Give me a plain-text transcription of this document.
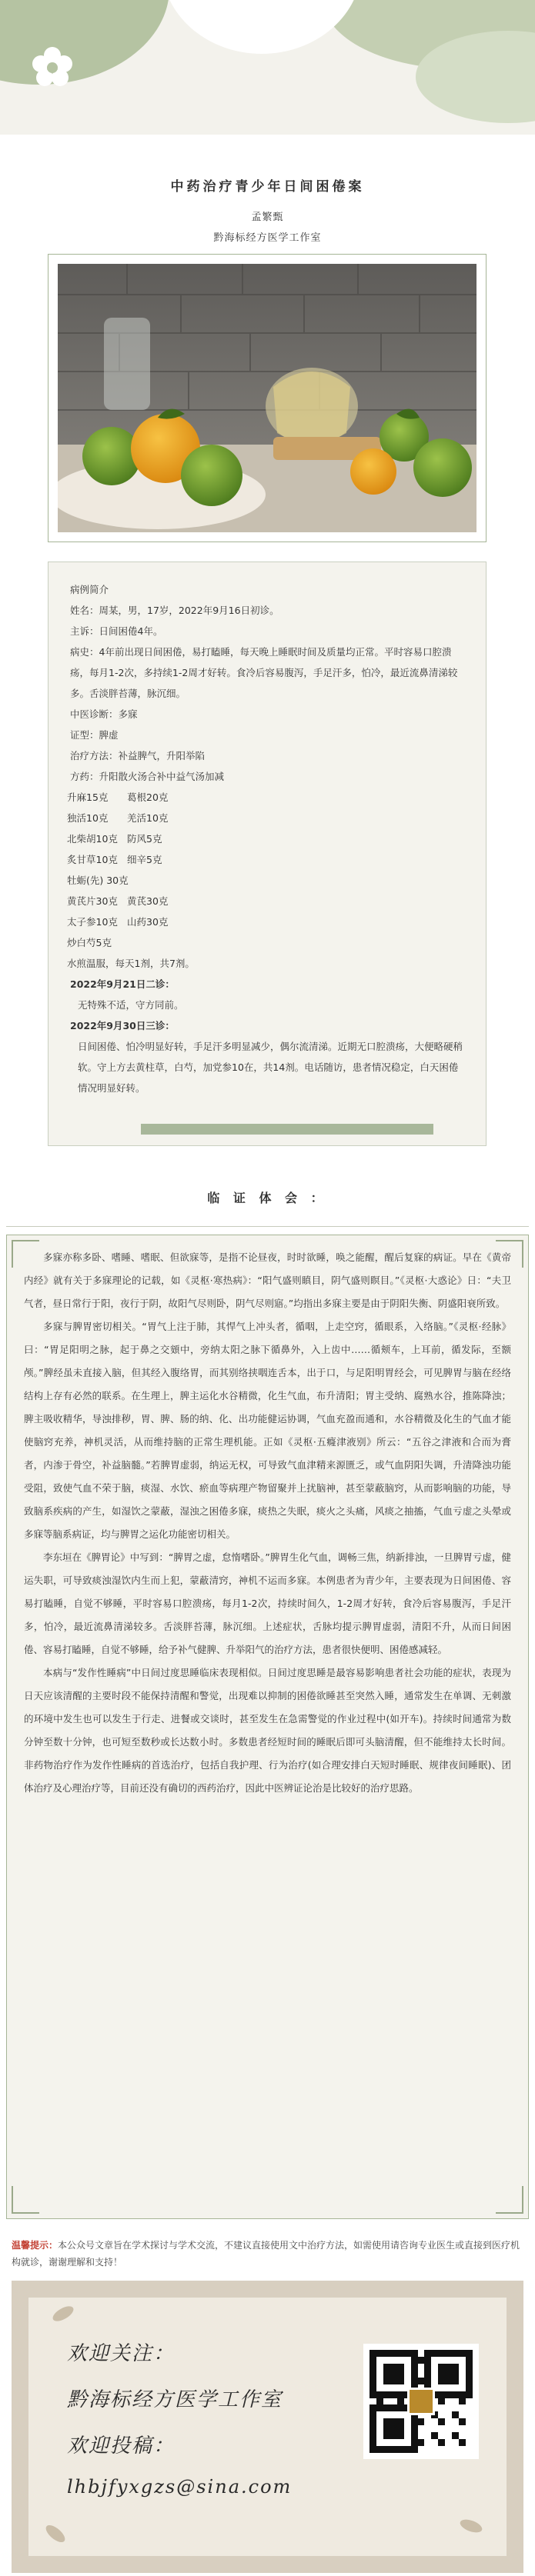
中药治疗青少年日间困倦案
孟繁甄
黔海标经方医学工作室

病例简介

姓名：周某，男，17岁，2022年9月16日初诊。

主诉：日间困倦4年。

病史：4年前出现日间困倦，易打瞌睡，每天晚上睡眠时间及质量均正常。平时容易口腔溃疡，每月1-2次，多持续1-2周才好转。食冷后容易腹泻，手足汗多，怕冷，最近流鼻清涕较多。舌淡胖苔薄，脉沉细。

中医诊断：多寐

证型：脾虚

治疗方法：补益脾气，升阳举陷

方药：升阳散火汤合补中益气汤加减

升麻15克 葛根20克

独活10克 羌活10克

北柴胡10克 防风5克

炙甘草10克 细辛5克

牡蛎(先) 30克

黄芪片30克 黄芪30克

太子参10克 山药30克

炒白芍5克

水煎温服，每天1剂，共7剂。

2022年9月21日二诊：

无特殊不适，守方同前。

2022年9月30日三诊：

日间困倦、怕冷明显好转，手足汗多明显减少，偶尔流清涕。近期无口腔溃疡，大便略硬稍软。守上方去黄柱草，白芍，加党参10在，共14剂。电话随访，患者情况稳定，白天困倦情况明显好转。

临 证 体 会 ：

多寐亦称多卧、嗜睡、嗜眠、但欲寐等，是指不论昼夜，时时欲睡，唤之能醒，醒后复寐的病证。早在《黄帝内经》就有关于多寐理论的记载，如《灵枢·寒热病》：“阳气盛则瞋目，阴气盛则瞑目。”《灵枢·大惑论》日：“夫卫气者，昼日常行于阳，夜行于阴，故阳气尽则卧，阴气尽则寤。”均指出多寐主要是由于阴阳失衡、阴盛阳衰所致。

多寐与脾胃密切相关。“胃气上注于肺，其悍气上冲头者，循咽，上走空窍，循眼系，入络脑。”《灵枢·经脉》曰：“胃足阳明之脉，起于鼻之交頞中，旁纳太阳之脉下循鼻外，入上齿中……循颊车，上耳前，循发际，至额颅。”脾经虽未直接入脑，但其经入腹络胃，而其别络挟咽连舌本，出于口，与足阳明胃经会，可见脾胃与脑在经络结构上存有必然的联系。在生理上，脾主运化水谷精微，化生气血，布升清阳；胃主受纳、腐熟水谷，推陈降浊；脾主吸收精华，导浊排秽，胃、脾、肠的纳、化、出功能健运协调，气血充盈而通和，水谷精微及化生的气血才能使脑窍充养，神机灵活，从而维持脑的正常生理机能。正如《灵枢·五癃津液别》所云：“五谷之津液和合而为膏者，内渗于骨空，补益脑髓。”若脾胃虚弱，纳运无权，可导致气血津精来源匮乏，或气血阴阳失调，升清降浊功能受阻，致使气血不荣于脑，痰湿、水饮、瘀血等病理产物留聚并上扰脑神，甚至蒙蔽脑窍，从而影响脑的功能，导致脑系疾病的产生，如湿饮之蒙蔽，湿浊之困倦多寐，痰热之失眠，痰火之头痛，风痰之抽搐，气血亏虚之头晕或多寐等脑系病证，均与脾胃之运化功能密切相关。

李东垣在《脾胃论》中写到：“脾胃之虚，怠惰嗜卧。”脾胃生化气血，调畅三焦，纳新排浊，一旦脾胃亏虚，健运失职，可导致痰浊湿饮内生而上犯，蒙蔽清窍，神机不运而多寐。本例患者为青少年，主要表现为日间困倦、容易打瞌睡，自觉不够睡，平时容易口腔溃疡，每月1-2次，持续时间久，1-2周才好转，食冷后容易腹泻，手足汗多，怕冷，最近流鼻清涕较多。舌淡胖苔薄，脉沉细。上述症状，舌脉均提示脾胃虚弱，清阳不升，从而日间困倦、容易打瞌睡，自觉不够睡，给予补气健脾、升举阳气的治疗方法，患者很快便明、困倦感减轻。

本病与“发作性睡病”中日间过度思睡临床表现相似。日间过度思睡是最容易影响患者社会功能的症状，表现为日天应该清醒的主要时段不能保持清醒和警觉，出现难以抑制的困倦欲睡甚至突然入睡，通常发生在单调、无刺激的环境中发生也可以发生于行走、进餐或交谈时，甚至发生在急需警觉的作业过程中(如开车)。持续时间通常为数分钟至数十分钟，也可短至数秒或长达数小时。多数患者经短时间的睡眠后即可头脑清醒，但不能维持太长时间。非药物治疗作为发作性睡病的首选治疗，包括自我护理、行为治疗(如合理安排白天短时睡眠、规律夜间睡眠)、团体治疗及心理治疗等，目前还没有确切的西药治疗，因此中医辨证论治是比较好的治疗思路。

温馨提示：本公众号文章旨在学术探讨与学术交流，不建议直接使用文中治疗方法，如需使用请咨询专业医生或直接到医疗机构就诊，谢谢理解和支持！
欢迎关注：
黔海标经方医学工作室
欢迎投稿：
lhbjfyxgzs@sina.com
